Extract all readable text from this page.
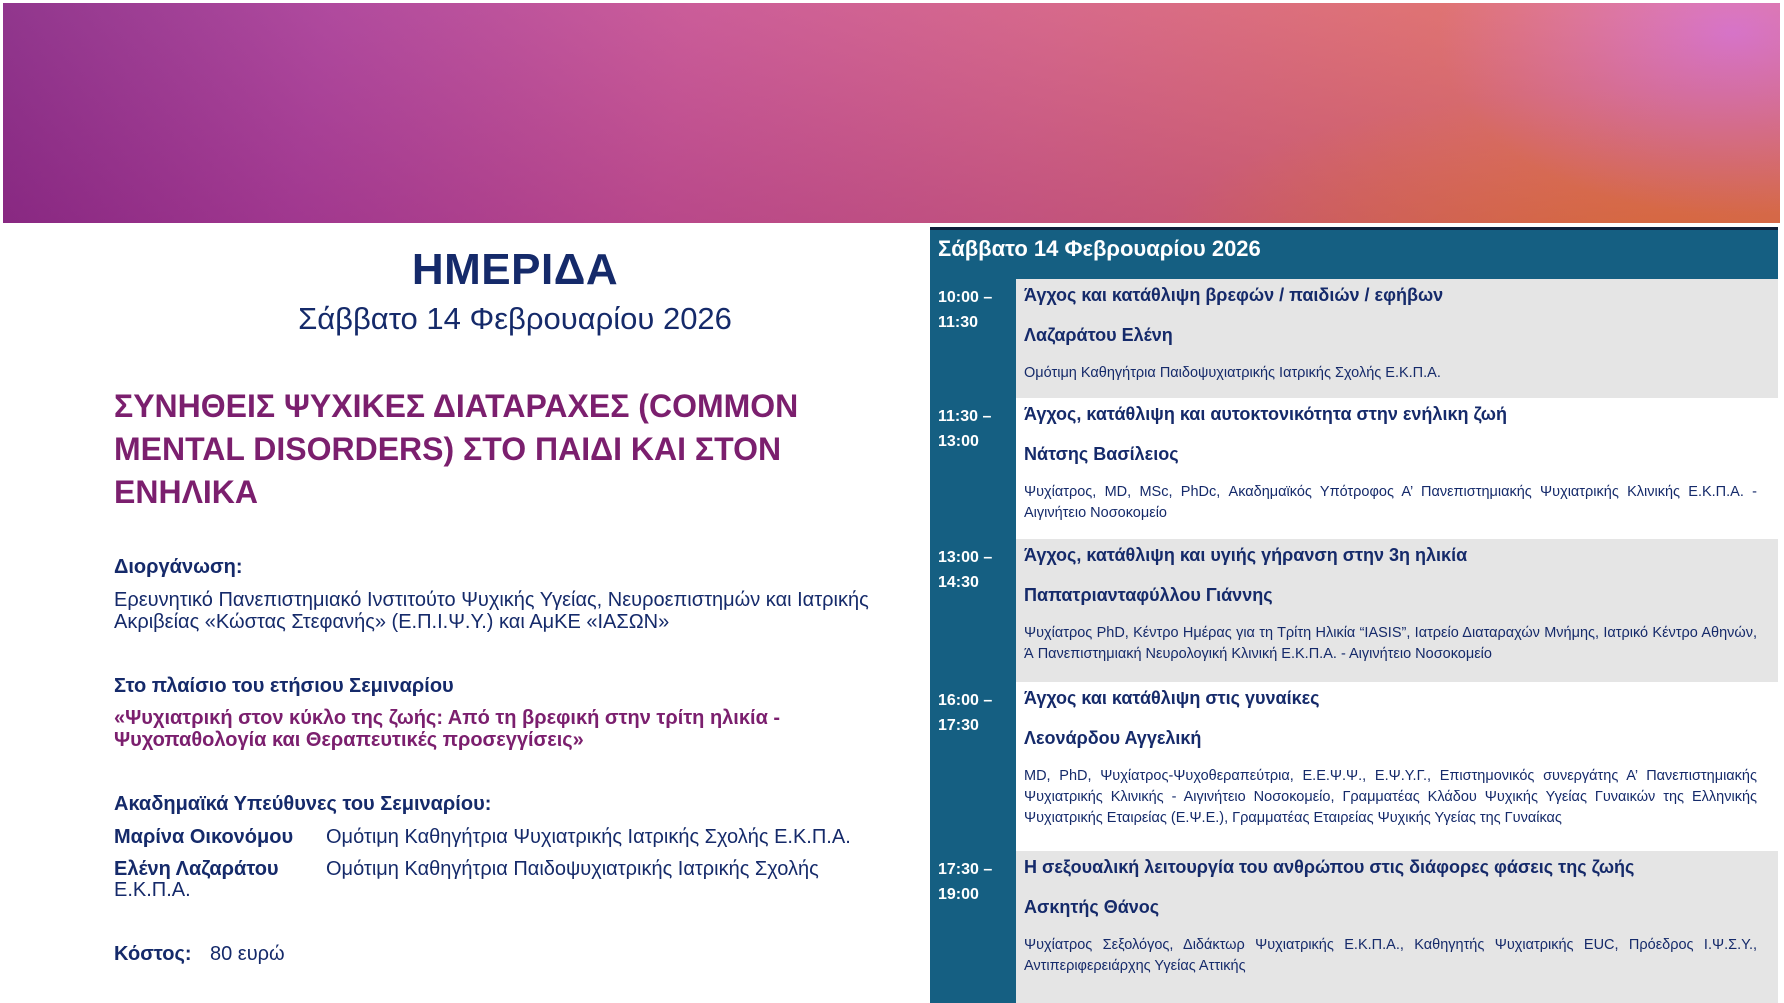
ΗΜΕΡΙΔΑ
Σάββατο 14 Φεβρουαρίου 2026
ΣΥΝΗΘΕΙΣ ΨΥΧΙΚΕΣ ΔΙΑΤΑΡΑΧΕΣ (COMMON MENTAL DISORDERS) ΣΤΟ ΠΑΙΔΙ ΚΑΙ ΣΤΟΝ ΕΝΗΛΙΚΑ
Διοργάνωση:
Ερευνητικό Πανεπιστημιακό Ινστιτούτο Ψυχικής Υγείας, Νευροεπιστημών και Ιατρικής Ακριβείας «Κώστας Στεφανής» (Ε.Π.Ι.Ψ.Υ.) και ΑμΚΕ «ΙΑΣΩΝ»
Στο πλαίσιο του ετήσιου Σεμιναρίου
«Ψυχιατρική στον κύκλο της ζωής: Από τη βρεφική στην τρίτη ηλικία - Ψυχοπαθολογία και Θεραπευτικές προσεγγίσεις»
Ακαδημαϊκά Υπεύθυνες του Σεμιναρίου:
Μαρίνα Οικονόμου Ομότιμη Καθηγήτρια Ψυχιατρικής Ιατρικής Σχολής Ε.Κ.Π.Α.
Ελένη Λαζαράτου Ομότιμη Καθηγήτρια Παιδοψυχιατρικής Ιατρικής Σχολής
Ε.Κ.Π.Α.
Κόστος: 80 ευρώ
Σάββατο 14 Φεβρουαρίου 2026
10:00 –
11:30
Άγχος και κατάθλιψη βρεφών / παιδιών / εφήβων
Λαζαράτου Ελένη
Ομότιμη Καθηγήτρια Παιδοψυχιατρικής Ιατρικής Σχολής Ε.Κ.Π.Α.
11:30 –
13:00
Άγχος, κατάθλιψη και αυτοκτονικότητα στην ενήλικη ζωή
Νάτσης Βασίλειος
Ψυχίατρος, MD, MSc, PhDc, Ακαδημαϊκός Υπότροφος Α’ Πανεπιστημιακής Ψυχιατρικής Κλινικής Ε.Κ.Π.Α. - Αιγινήτειο Νοσοκομείο
13:00 –
14:30
Άγχος, κατάθλιψη και υγιής γήρανση στην 3η ηλικία
Παπατριανταφύλλου Γιάννης
Ψυχίατρος PhD, Κέντρο Ημέρας για τη Τρίτη Ηλικία “IASIS”, Ιατρείο Διαταραχών Μνήμης, Ιατρικό Κέντρο Αθηνών, Ά Πανεπιστημιακή Νευρολογική Κλινική Ε.Κ.Π.Α. - Αιγινήτειο Νοσοκομείο
16:00 –
17:30
Άγχος και κατάθλιψη στις γυναίκες
Λεονάρδου Αγγελική
MD, PhD, Ψυχίατρος-Ψυχοθεραπεύτρια, Ε.Ε.Ψ.Ψ., Ε.Ψ.Υ.Γ., Επιστημονικός συνεργάτης Α’ Πανεπιστημιακής Ψυχιατρικής Κλινικής - Αιγινήτειο Νοσοκομείο, Γραμματέας Κλάδου Ψυχικής Υγείας Γυναικών της Ελληνικής Ψυχιατρικής Εταιρείας (Ε.Ψ.Ε.), Γραμματέας Εταιρείας Ψυχικής Υγείας της Γυναίκας
17:30 –
19:00
Η σεξουαλική λειτουργία του ανθρώπου στις διάφορες φάσεις της ζωής
Ασκητής Θάνος
Ψυχίατρος Σεξολόγος, Διδάκτωρ Ψυχιατρικής Ε.Κ.Π.Α., Καθηγητής Ψυχιατρικής EUC, Πρόεδρος Ι.Ψ.Σ.Υ., Αντιπεριφερειάρχης Υγείας Αττικής
